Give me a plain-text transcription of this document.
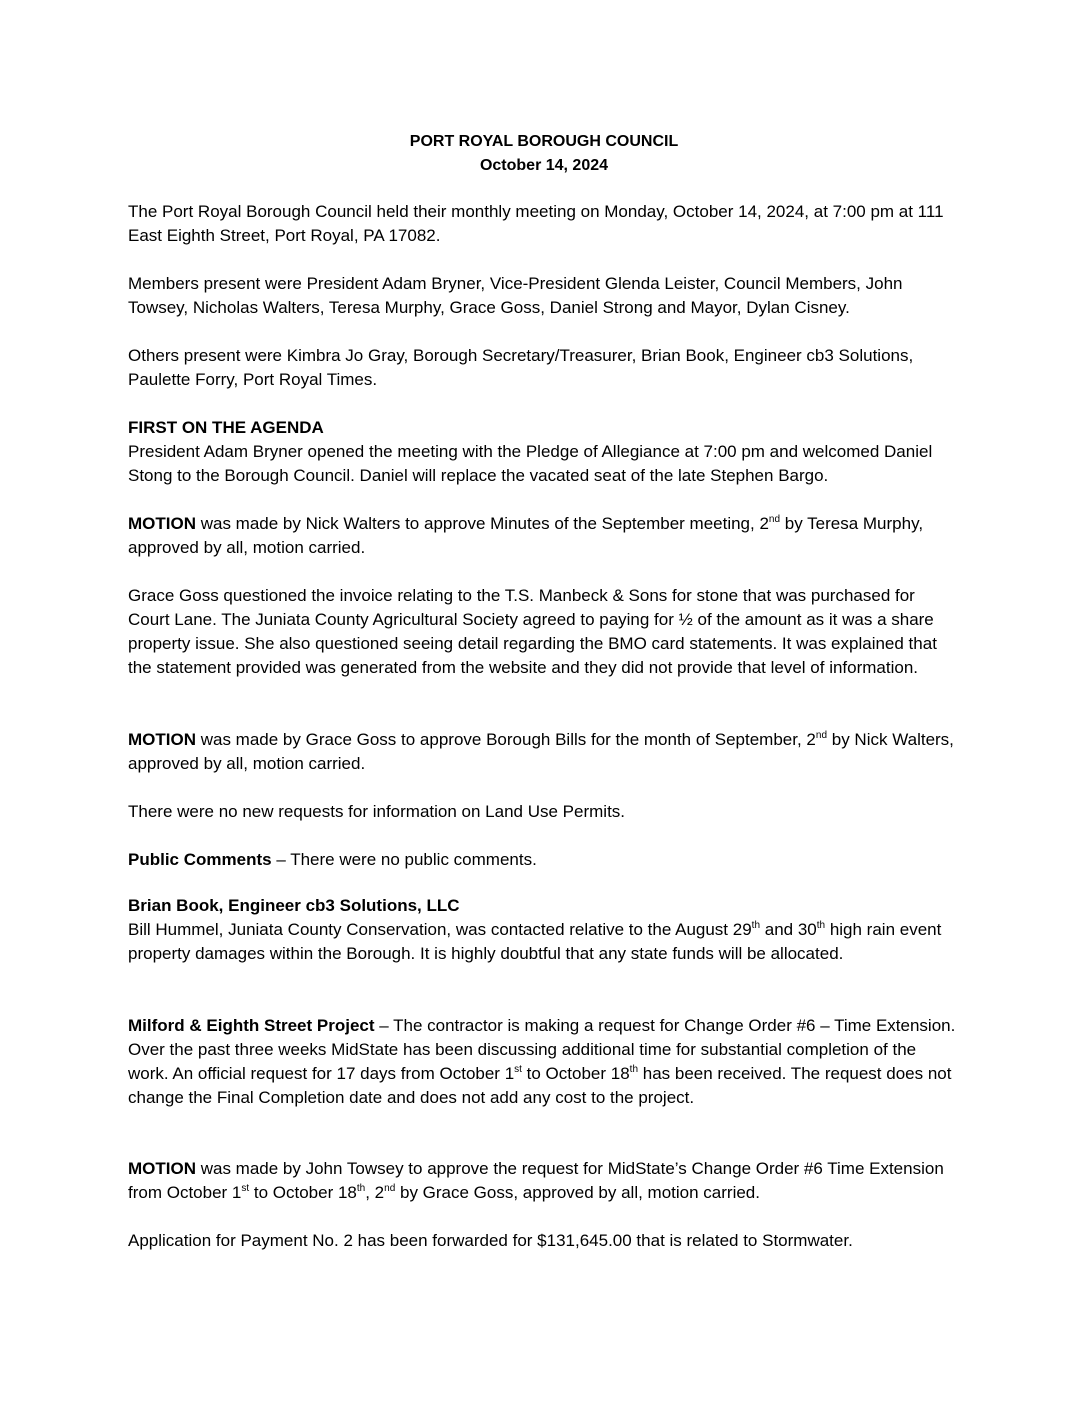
PORT ROYAL BOROUGH COUNCIL
October 14, 2024

The Port Royal Borough Council held their monthly meeting on Monday, October 14, 2024, at 7:00 pm at 111 East Eighth Street, Port Royal, PA 17082.

Members present were President Adam Bryner, Vice-President Glenda Leister, Council Members, John Towsey, Nicholas Walters, Teresa Murphy, Grace Goss, Daniel Strong and Mayor, Dylan Cisney.

Others present were Kimbra Jo Gray, Borough Secretary/Treasurer, Brian Book, Engineer cb3 Solutions, Paulette Forry, Port Royal Times.

FIRST ON THE AGENDA

President Adam Bryner opened the meeting with the Pledge of Allegiance at 7:00 pm and welcomed Daniel Stong to the Borough Council. Daniel will replace the vacated seat of the late Stephen Bargo.

MOTION was made by Nick Walters to approve Minutes of the September meeting, 2nd by Teresa Murphy, approved by all, motion carried.

Grace Goss questioned the invoice relating to the T.S. Manbeck & Sons for stone that was purchased for Court Lane. The Juniata County Agricultural Society agreed to paying for ½ of the amount as it was a share property issue. She also questioned seeing detail regarding the BMO card statements. It was explained that the statement provided was generated from the website and they did not provide that level of information.

MOTION was made by Grace Goss to approve Borough Bills for the month of September, 2nd by Nick Walters, approved by all, motion carried.

There were no new requests for information on Land Use Permits.

Public Comments – There were no public comments.

Brian Book, Engineer cb3 Solutions, LLC

Bill Hummel, Juniata County Conservation, was contacted relative to the August 29th and 30th high rain event property damages within the Borough. It is highly doubtful that any state funds will be allocated.

Milford & Eighth Street Project – The contractor is making a request for Change Order #6 – Time Extension. Over the past three weeks MidState has been discussing additional time for substantial completion of the work. An official request for 17 days from October 1st to October 18th has been received. The request does not change the Final Completion date and does not add any cost to the project.

MOTION was made by John Towsey to approve the request for MidState’s Change Order #6 Time Extension from October 1st to October 18th, 2nd by Grace Goss, approved by all, motion carried.

Application for Payment No. 2 has been forwarded for $131,645.00 that is related to Stormwater.
